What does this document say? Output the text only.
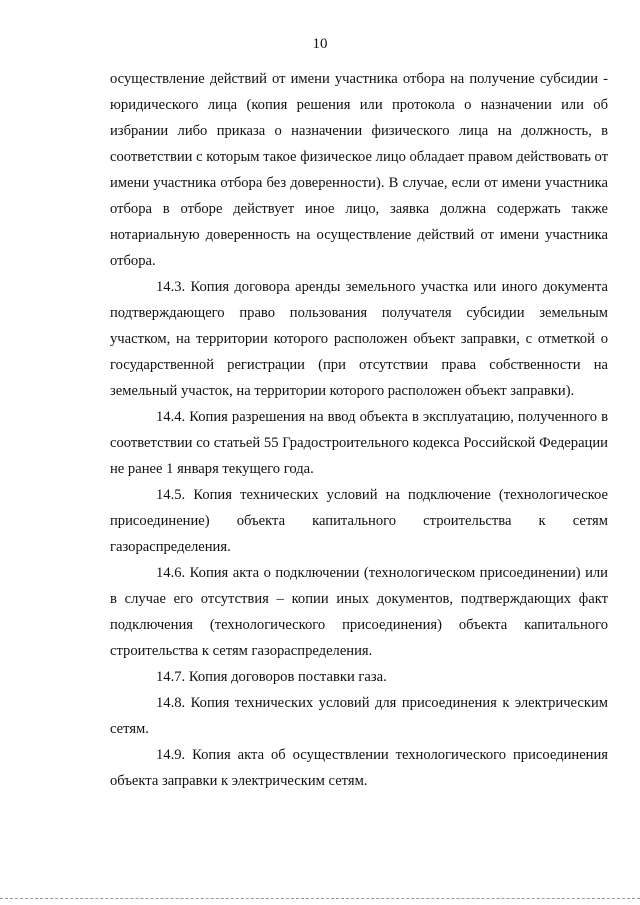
10

осуществление действий от имени участника отбора на получение субсидии - юридического лица (копия решения или протокола о назначении или об избрании либо приказа о назначении физического лица на должность, в соответствии с которым такое физическое лицо обладает правом действовать от имени участника отбора без доверенности). В случае, если от имени участника отбора в отборе действует иное лицо, заявка должна содержать также нотариальную доверенность на осуществление действий от имени участника отбора.

14.3. Копия договора аренды земельного участка или иного документа подтверждающего право пользования получателя субсидии земельным участком, на территории которого расположен объект заправки, с отметкой о государственной регистрации (при отсутствии права собственности на земельный участок, на территории которого расположен объект заправки).

14.4. Копия разрешения на ввод объекта в эксплуатацию, полученного в соответствии со статьей 55 Градостроительного кодекса Российской Федерации не ранее 1 января текущего года.

14.5. Копия технических условий на подключение (технологическое присоединение) объекта капитального строительства к сетям газораспределения.

14.6. Копия акта о подключении (технологическом присоединении) или в случае его отсутствия – копии иных документов, подтверждающих факт подключения (технологического присоединения) объекта капитального строительства к сетям газораспределения.

14.7. Копия договоров поставки газа.

14.8. Копия технических условий для присоединения к электрическим сетям.

14.9. Копия акта об осуществлении технологического присоединения объекта заправки к электрическим сетям.
